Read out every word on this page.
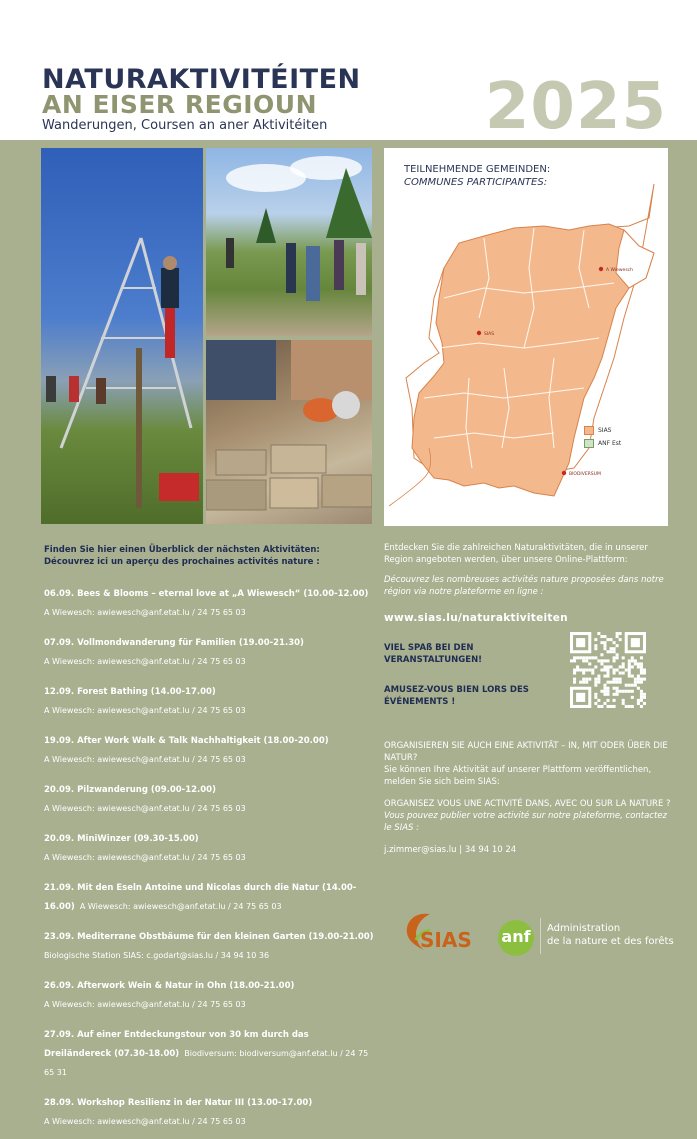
NATURAKTIVITÉITEN
AN EISER REGIOUN
Wanderungen, Coursen an aner Aktivitéiten 2025
TEILNEHMENDE GEMEINDEN:
COMMUNES PARTICIPANTES:
A Wiewesch
SIAS
BIODIVERSUM
SIAS
ANF Est
Finden Sie hier einen Überblick der nächsten Aktivitäten:
Découvrez ici un aperçu des prochaines activités nature :
06.09. Bees & Blooms – eternal love at „A Wiewesch“ (10.00-12.00)
A Wiewesch: awiewesch@anf.etat.lu / 24 75 65 03
07.09. Vollmondwanderung für Familien (19.00-21.30)
A Wiewesch: awiewesch@anf.etat.lu / 24 75 65 03
12.09. Forest Bathing (14.00-17.00)
A Wiewesch: awiewesch@anf.etat.lu / 24 75 65 03
19.09. After Work Walk & Talk Nachhaltigkeit (18.00-20.00)
A Wiewesch: awiewesch@anf.etat.lu / 24 75 65 03
20.09. Pilzwanderung (09.00-12.00)
A Wiewesch: awiewesch@anf.etat.lu / 24 75 65 03
20.09. MiniWinzer (09.30-15.00)
A Wiewesch: awiewesch@anf.etat.lu / 24 75 65 03
21.09. Mit den Eseln Antoine und Nicolas durch die Natur (14.00-16.00) A Wiewesch: awiewesch@anf.etat.lu / 24 75 65 03
23.09. Mediterrane Obstbäume für den kleinen Garten (19.00-21.00)
Biologische Station SIAS: c.godart@sias.lu / 34 94 10 36
26.09. Afterwork Wein & Natur in Ohn (18.00-21.00)
A Wiewesch: awiewesch@anf.etat.lu / 24 75 65 03
27.09. Auf einer Entdeckungstour von 30 km durch das Dreiländereck (07.30-18.00) Biodiversum: biodiversum@anf.etat.lu / 24 75 65 31
28.09. Workshop Resilienz in der Natur III (13.00-17.00)
A Wiewesch: awiewesch@anf.etat.lu / 24 75 65 03
Entdecken Sie die zahlreichen Naturaktivitäten, die in unserer Region angeboten werden, über unsere Online-Plattform:
Découvrez les nombreuses activités nature proposées dans notre région via notre plateforme en ligne :
www.sias.lu/naturaktiviteiten
VIEL SPAß BEI DEN VERANSTALTUNGEN!
AMUSEZ-VOUS BIEN LORS DES ÉVÉNEMENTS !

ORGANISIEREN SIE AUCH EINE AKTIVITÄT – IN, MIT ODER ÜBER DIE NATUR?

Sie können Ihre Aktivität auf unserer Plattform veröffentlichen, melden Sie sich beim SIAS:

ORGANISEZ VOUS UNE ACTIVITÉ DANS, AVEC OU SUR LA NATURE ?

Vous pouvez publier votre activité sur notre plateforme, contactez le SIAS :

j.zimmer@sias.lu | 34 94 10 24

SIAS anf	Administration
de la nature et des forêts
